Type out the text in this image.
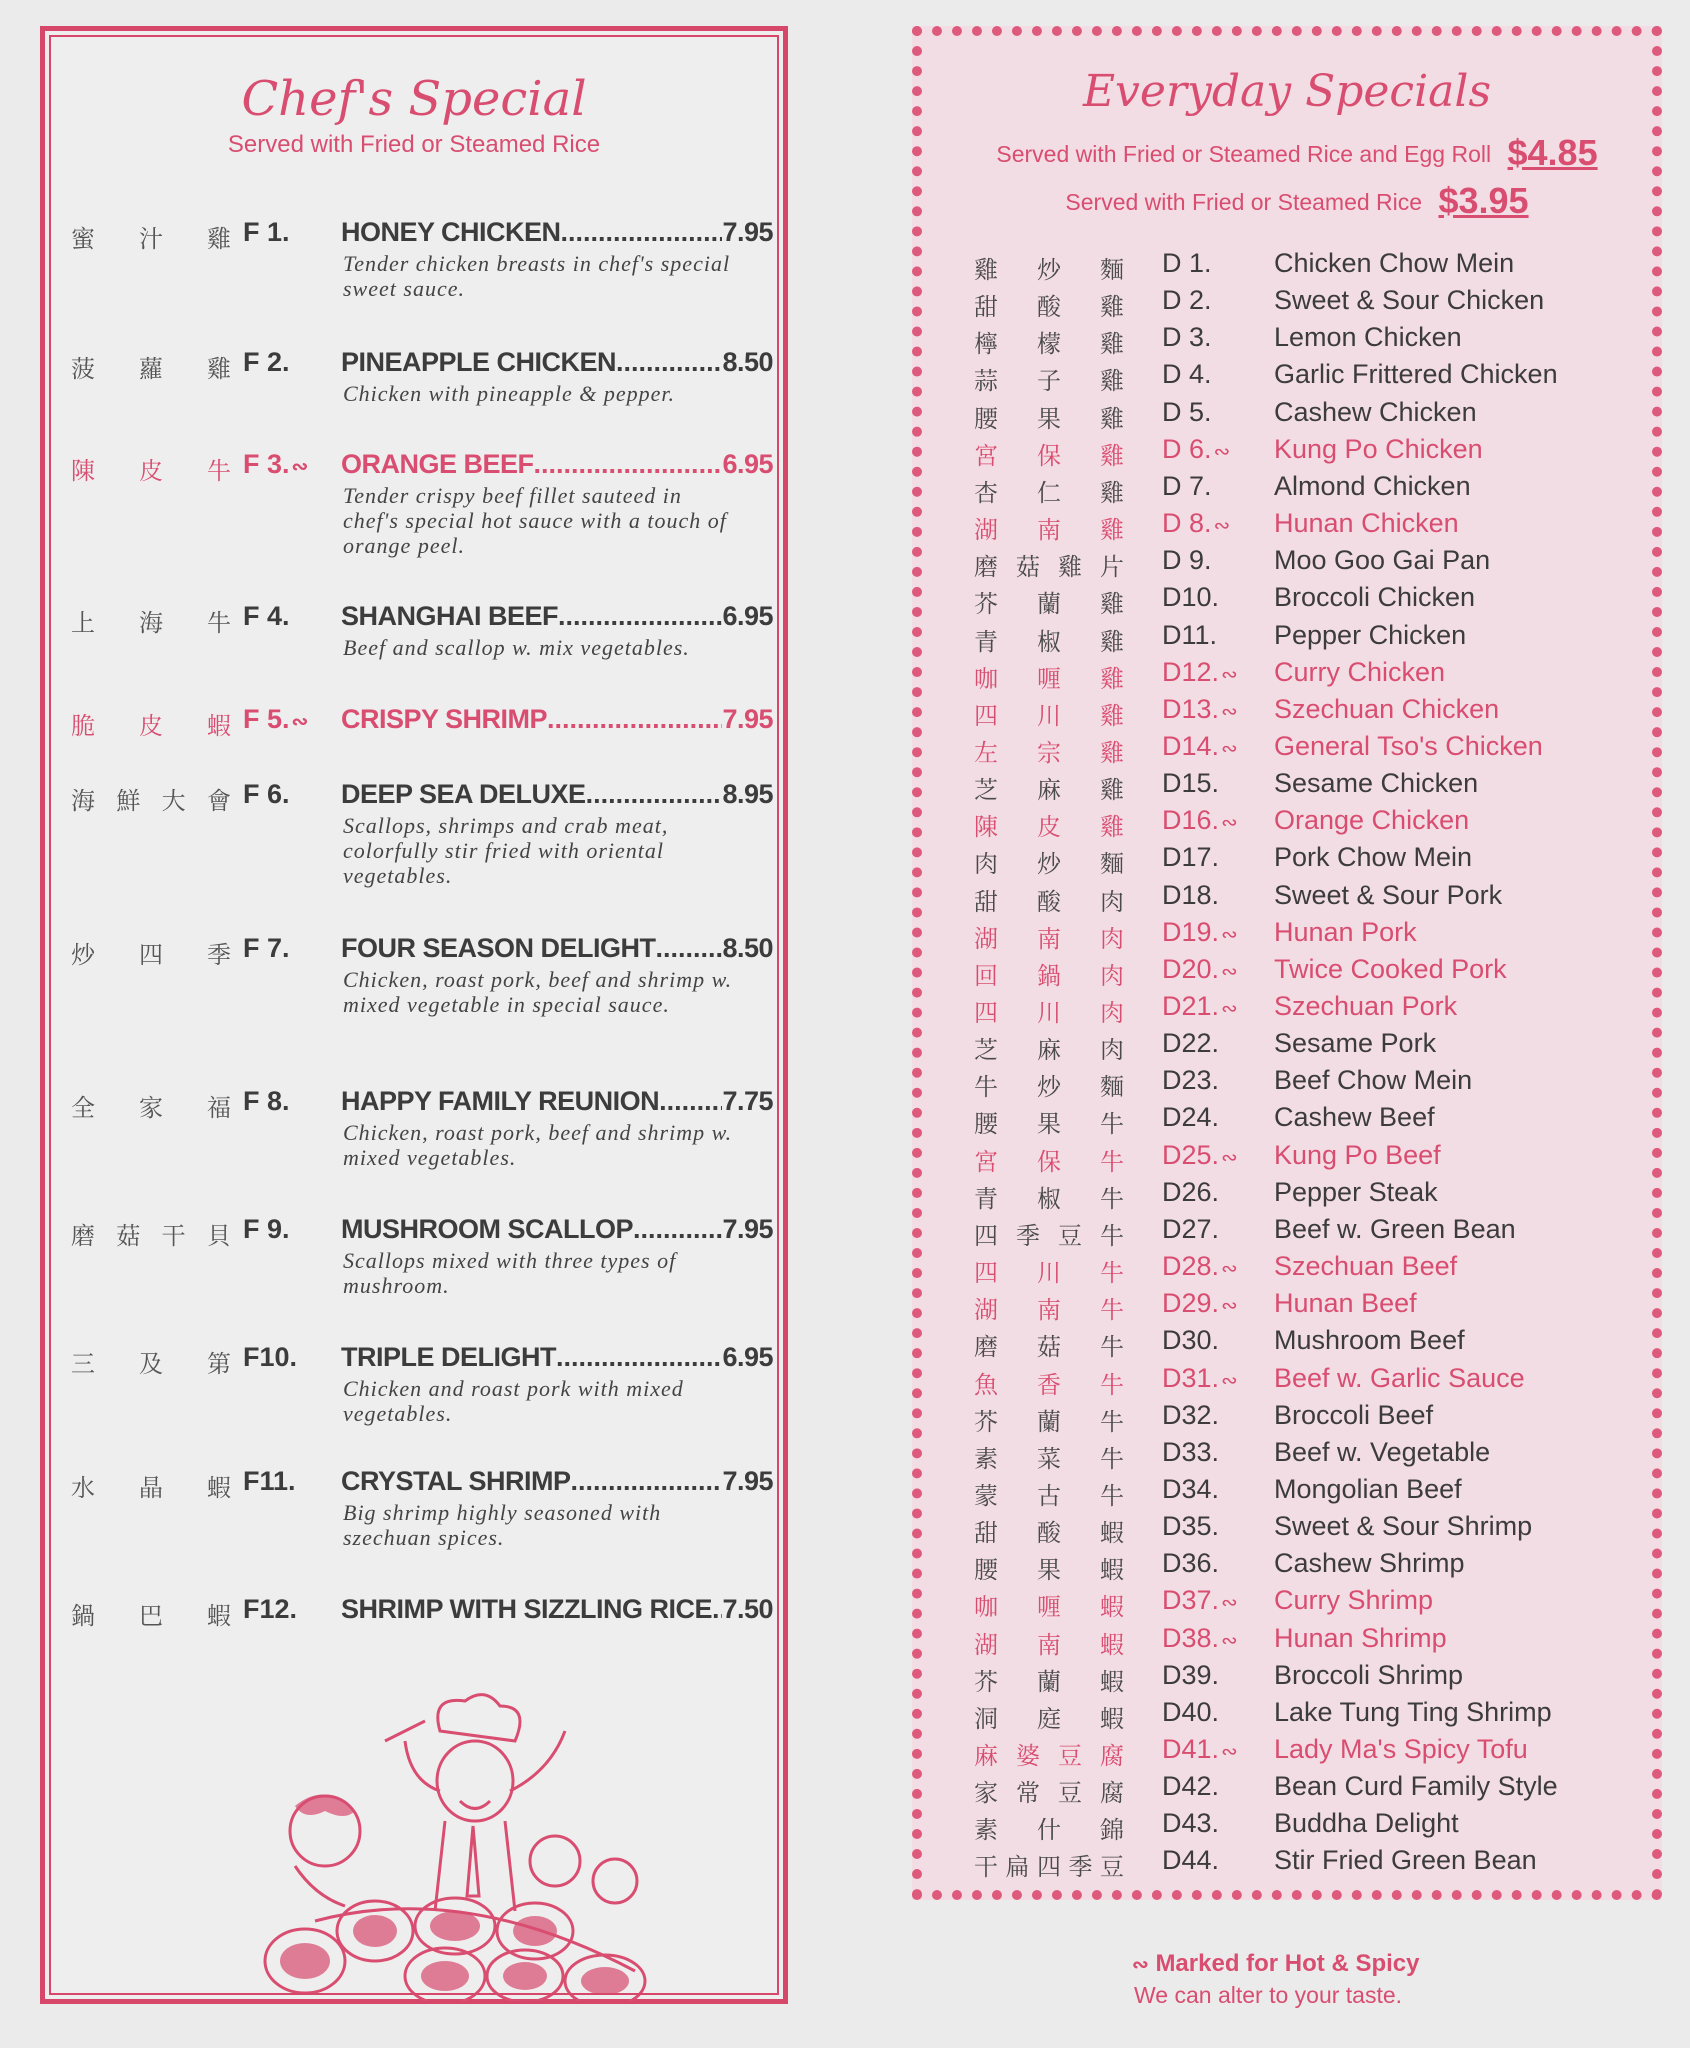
Chef's Special
Served with Fried or Steamed Rice
蜜 汁 雞 F 1. HONEY CHICKEN .....	7.95
Tender chicken breasts in chef's special sweet sauce.
菠 蘿 雞 F 2. PINEAPPLE CHICKEN .....	8.50
Chicken with pineapple & pepper.
陳 皮 牛 F 3. ∾ ORANGE BEEF .....	6.95
Tender crispy beef fillet sauteed in chef's special hot sauce with a touch of orange peel.
上 海 牛 F 4. SHANGHAI BEEF .....	6.95
Beef and scallop w. mix vegetables.
脆 皮 蝦 F 5. ∾ CRISPY SHRIMP .....	7.95
海 鮮 大 會 F 6. DEEP SEA DELUXE .....	8.95
Scallops, shrimps and crab meat, colorfully stir fried with oriental vegetables.
炒 四 季 F 7. FOUR SEASON DELIGHT ..... 8.50
Chicken, roast pork, beef and shrimp w. mixed vegetable in special sauce.
全 家 福 F 8. HAPPY FAMILY REUNION ..... 7.75
Chicken, roast pork, beef and shrimp w. mixed vegetables.
磨 菇 干 貝 F 9. MUSHROOM SCALLOP .....	7.95
Scallops mixed with three types of mushroom.
三 及 第 F10. TRIPLE DELIGHT .....	6.95
Chicken and roast pork with mixed vegetables.
水 晶 蝦 F11. CRYSTAL SHRIMP .....	7.95
Big shrimp highly seasoned with szechuan spices.
鍋 巴 蝦 F12. SHRIMP WITH SIZZLING RICE ..... 7.50
Everyday Specials
Served with Fried or Steamed Rice and Egg Roll $4.85
Served with Fried or Steamed Rice $3.95
雞 炒 麵 D 1. Chicken Chow Mein
甜 酸 雞 D 2. Sweet & Sour Chicken
檸 檬 雞 D 3. Lemon Chicken
蒜 子 雞 D 4. Garlic Frittered Chicken
腰 果 雞 D 5. Cashew Chicken
宮 保 雞 D 6. ∾ Kung Po Chicken
杏 仁 雞 D 7. Almond Chicken
湖 南 雞 D 8. ∾ Hunan Chicken
磨 菇 雞 片 D 9. Moo Goo Gai Pan
芥 蘭 雞 D10. Broccoli Chicken
青 椒 雞 D11. Pepper Chicken
咖 喱 雞 D12. ∾ Curry Chicken
四 川 雞 D13. ∾ Szechuan Chicken
左 宗 雞 D14. ∾ General Tso's Chicken
芝 麻 雞 D15. Sesame Chicken
陳 皮 雞 D16. ∾ Orange Chicken
肉 炒 麵 D17. Pork Chow Mein
甜 酸 肉 D18. Sweet & Sour Pork
湖 南 肉 D19. ∾ Hunan Pork
回 鍋 肉 D20. ∾ Twice Cooked Pork
四 川 肉 D21. ∾ Szechuan Pork
芝 麻 肉 D22. Sesame Pork
牛 炒 麵 D23. Beef Chow Mein
腰 果 牛 D24. Cashew Beef
宮 保 牛 D25. ∾ Kung Po Beef
青 椒 牛 D26. Pepper Steak
四 季 豆 牛 D27. Beef w. Green Bean
四 川 牛 D28. ∾ Szechuan Beef
湖 南 牛 D29. ∾ Hunan Beef
磨 菇 牛 D30. Mushroom Beef
魚 香 牛 D31. ∾ Beef w. Garlic Sauce
芥 蘭 牛 D32. Broccoli Beef
素 菜 牛 D33. Beef w. Vegetable
蒙 古 牛 D34. Mongolian Beef
甜 酸 蝦 D35. Sweet & Sour Shrimp
腰 果 蝦 D36. Cashew Shrimp
咖 喱 蝦 D37. ∾ Curry Shrimp
湖 南 蝦 D38. ∾ Hunan Shrimp
芥 蘭 蝦 D39. Broccoli Shrimp
洞 庭 蝦 D40. Lake Tung Ting Shrimp
麻 婆 豆 腐 D41. ∾ Lady Ma's Spicy Tofu
家 常 豆 腐 D42. Bean Curd Family Style
素 什 錦 D43. Buddha Delight
干 扁 四 季 豆 D44. Stir Fried Green Bean
∾ Marked for Hot & Spicy
We can alter to your taste.
